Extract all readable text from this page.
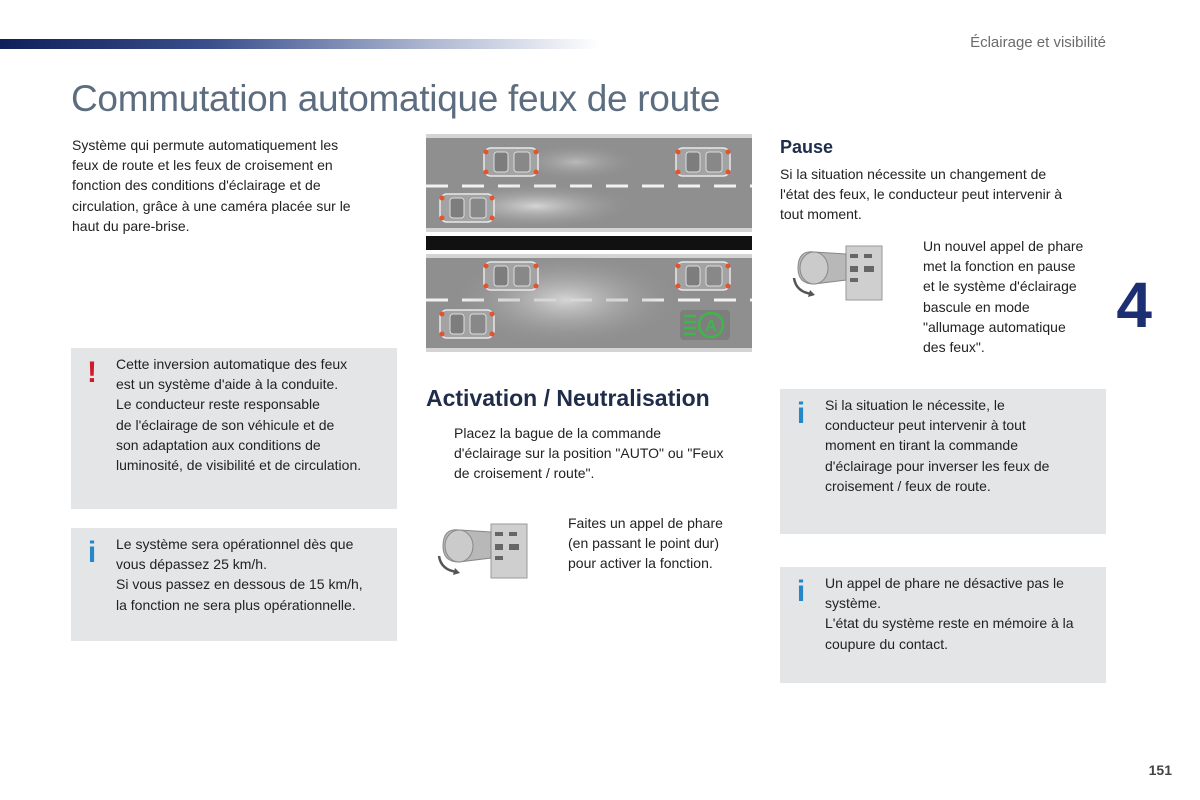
Éclairage et visibilité
Commutation automatique feux de route
Système qui permute automatiquement les
feux de route et les feux de croisement en
fonction des conditions d'éclairage et de
circulation, grâce à une caméra placée sur le
haut du pare-brise.
! Cette inversion automatique des feux
est un système d'aide à la conduite.
Le conducteur reste responsable
de l'éclairage de son véhicule et de
son adaptation aux conditions de
luminosité, de visibilité et de circulation.
i Le système sera opérationnel dès que
vous dépassez 25 km/h.
Si vous passez en dessous de 15 km/h,
la fonction ne sera plus opérationnelle.
A
Activation / Neutralisation
Placez la bague de la commande
d'éclairage sur la position "AUTO" ou "Feux
de croisement / route".
Faites un appel de phare
(en passant le point dur)
pour activer la fonction.
Pause
Si la situation nécessite un changement de
l'état des feux, le conducteur peut intervenir à
tout moment.
Un nouvel appel de phare
met la fonction en pause
et le système d'éclairage
bascule en mode
"allumage automatique
des feux".
i Si la situation le nécessite, le
conducteur peut intervenir à tout
moment en tirant la commande
d'éclairage pour inverser les feux de
croisement / feux de route.
i Un appel de phare ne désactive pas le
système.
L'état du système reste en mémoire à la
coupure du contact.
4
151
